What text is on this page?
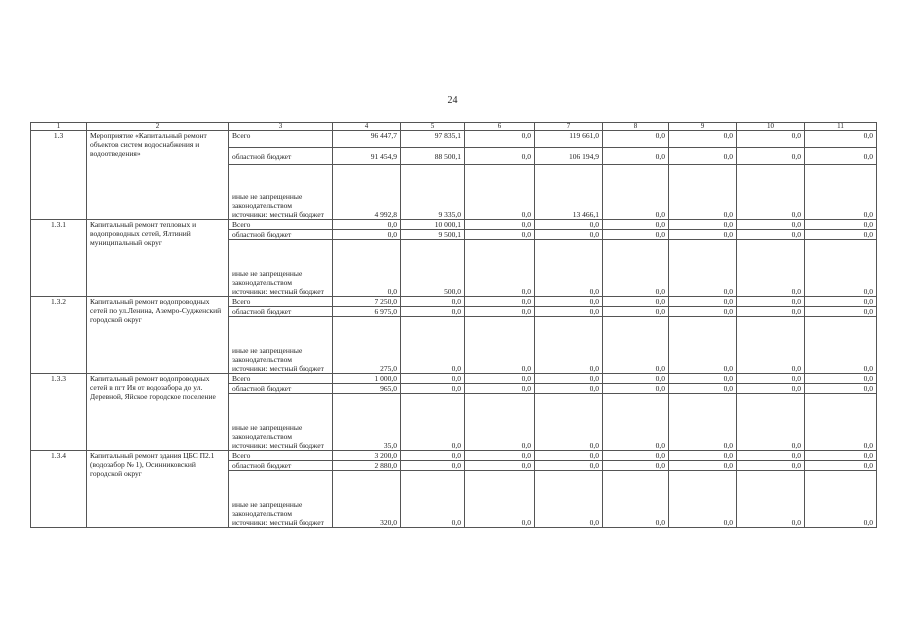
24
1	2	3	4	5	6	7	8	9	10	11
1.3	Мероприятие «Капитальный ремонт объектов систем водоснабжения и водоотведения»	Всего	96 447,7	97 835,1	0,0	119 661,0	0,0	0,0	0,0	0,0
		областной бюджет	91 454,9	88 500,1	0,0	106 194,9	0,0	0,0	0,0	0,0
		иные не запрещенные законодательством источники: местный бюджет	4 992,8	9 335,0	0,0	13 466,1	0,0	0,0	0,0	0,0
1.3.1	Капитальный ремонт тепловых и водопроводных сетей, Ялтиний муниципальный округ	Всего	0,0	10 000,1	0,0	0,0	0,0	0,0	0,0	0,0
		областной бюджет	0,0	9 500,1	0,0	0,0	0,0	0,0	0,0	0,0
		иные не запрещенные законодательством источники: местный бюджет	0,0	500,0	0,0	0,0	0,0	0,0	0,0	0,0
1.3.2	Капитальный ремонт водопроводных сетей по ул.Ленина, Аземро-Судженский городской округ	Всего	7 250,0	0,0	0,0	0,0	0,0	0,0	0,0	0,0
		областной бюджет	6 975,0	0,0	0,0	0,0	0,0	0,0	0,0	0,0
		иные не запрещенные законодательством источники: местный бюджет	275,0	0,0	0,0	0,0	0,0	0,0	0,0	0,0
1.3.3	Капитальный ремонт водопроводных сетей в пгт Ия от водозабора до ул. Деревной, Яйское городское поселение	Всего	1 000,0	0,0	0,0	0,0	0,0	0,0	0,0	0,0
		областной бюджет	965,0	0,0	0,0	0,0	0,0	0,0	0,0	0,0
		иные не запрещенные законодательством источники: местный бюджет	35,0	0,0	0,0	0,0	0,0	0,0	0,0	0,0
1.3.4	Капитальный ремонт здания ЦБС П2.1 (водозабор № 1), Осинниковский городской округ	Всего	3 200,0	0,0	0,0	0,0	0,0	0,0	0,0	0,0
		областной бюджет	2 880,0	0,0	0,0	0,0	0,0	0,0	0,0	0,0
		иные не запрещенные законодательством источники: местный бюджет	320,0	0,0	0,0	0,0	0,0	0,0	0,0	0,0
